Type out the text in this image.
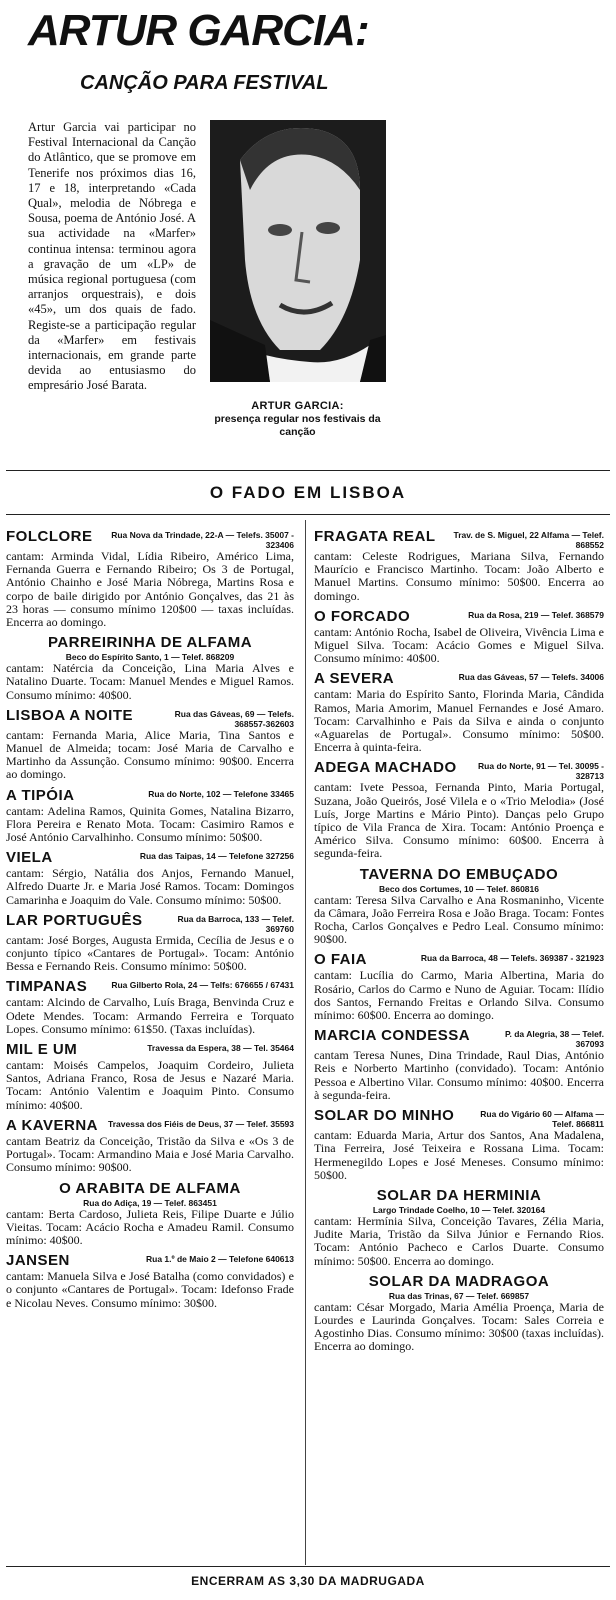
ARTUR GARCIA:
CANÇÃO PARA FESTIVAL
Artur Garcia vai participar no Festival Internacional da Canção do Atlântico, que se promove em Tenerife nos próximos dias 16, 17 e 18, interpretando «Cada Qual», melodia de Nóbrega e Sousa, poema de António José. A sua actividade na «Marfer» continua intensa: terminou agora a gravação de um «LP» de música regional portuguesa (com arranjos orquestrais), e dois «45», um dos quais de fado. Registe-se a participação regular da «Marfer» em festivais internacionais, em grande parte devida ao entusiasmo do empresário José Barata.
ARTUR GARCIA:
presença regular nos festivais da canção
O FADO EM LISBOA
FOLCLORE	Rua Nova da Trindade, 22-A — Telefs. 35007 - 323406
cantam: Arminda Vidal, Lídia Ribeiro, Américo Lima, Fernanda Guerra e Fernando Ribeiro; Os 3 de Portugal, António Chainho e José Maria Nóbrega, Martins Rosa e corpo de baile dirigido por António Gonçalves, das 21 às 23 horas — consumo mínimo 120$00 — taxas incluídas. Encerra ao domingo.
PARREIRINHA DE ALFAMA
Beco do Espírito Santo, 1 — Telef. 868209
cantam: Natércia da Conceição, Lina Maria Alves e Natalino Duarte. Tocam: Manuel Mendes e Miguel Ramos. Consumo mínimo: 40$00.
LISBOA A NOITE	Rua das Gáveas, 69 — Telefs. 368557-362603
cantam: Fernanda Maria, Alice Maria, Tina Santos e Manuel de Almeida; tocam: José Maria de Carvalho e Martinho da Assunção. Consumo mínimo: 90$00. Encerra ao domingo.
A TIPÓIA	Rua do Norte, 102 — Telefone 33465
cantam: Adelina Ramos, Quinita Gomes, Natalina Bizarro, Flora Pereira e Renato Mota. Tocam: Casimiro Ramos e José António Carvalhinho. Consumo mínimo: 50$00.
VIELA	Rua das Taipas, 14 — Telefone 327256
cantam: Sérgio, Natália dos Anjos, Fernando Manuel, Alfredo Duarte Jr. e Maria José Ramos. Tocam: Domingos Camarinha e Joaquim do Vale. Consumo mínimo: 50$00.
LAR PORTUGUÊS	Rua da Barroca, 133 — Telef. 369760
cantam: José Borges, Augusta Ermida, Cecília de Jesus e o conjunto típico «Cantares de Portugal». Tocam: António Bessa e Fernando Reis. Consumo mínimo: 50$00.
TIMPANAS	Rua Gilberto Rola, 24 — Telfs: 676655 / 67431
cantam: Alcindo de Carvalho, Luís Braga, Benvinda Cruz e Odete Mendes. Tocam: Armando Ferreira e Torquato Lopes. Consumo mínimo: 61$50. (Taxas incluídas).
MIL E UM	Travessa da Espera, 38 — Tel. 35464
cantam: Moisés Campelos, Joaquim Cordeiro, Julieta Santos, Adriana Franco, Rosa de Jesus e Nazaré Maria. Tocam: António Valentim e Joaquim Pinto. Consumo mínimo: 40$00.
A KAVERNA	Travessa dos Fiéis de Deus, 37 — Telef. 35593
cantam Beatriz da Conceição, Tristão da Silva e «Os 3 de Portugal». Tocam: Armandino Maia e José Maria Carvalho. Consumo mínimo: 90$00.
O ARABITA DE ALFAMA
Rua do Adiça, 19 — Telef. 863451
cantam: Berta Cardoso, Julieta Reis, Filipe Duarte e Júlio Vieitas. Tocam: Acácio Rocha e Amadeu Ramil. Consumo mínimo: 40$00.
JANSEN	Rua 1.º de Maio 2 — Telefone 640613
cantam: Manuela Silva e José Batalha (como convidados) e o conjunto «Cantares de Portugal». Tocam: Idefonso Frade e Nicolau Neves. Consumo mínimo: 30$00.
FRAGATA REAL	Trav. de S. Miguel, 22 Alfama — Telef. 868552
cantam: Celeste Rodrigues, Mariana Silva, Fernando Maurício e Francisco Martinho. Tocam: João Alberto e Manuel Martins. Consumo mínimo: 50$00. Encerra ao domingo.
O FORCADO	Rua da Rosa, 219 — Telef. 368579
cantam: António Rocha, Isabel de Oliveira, Vivência Lima e Miguel Silva. Tocam: Acácio Gomes e Miguel Silva. Consumo mínimo: 40$00.
A SEVERA	Rua das Gáveas, 57 — Telefs. 34006
cantam: Maria do Espírito Santo, Florinda Maria, Cândida Ramos, Maria Amorim, Manuel Fernandes e José Amaro. Tocam: Carvalhinho e Pais da Silva e ainda o conjunto «Aguarelas de Portugal». Consumo mínimo: 50$00. Encerra à quinta-feira.
ADEGA MACHADO	Rua do Norte, 91 — Tel. 30095 - 328713
cantam: Ivete Pessoa, Fernanda Pinto, Maria Portugal, Suzana, João Queirós, José Vilela e o «Trio Melodia» (José Luís, Jorge Martins e Mário Pinto). Danças pelo Grupo típico de Vila Franca de Xira. Tocam: António Proença e Américo Silva. Consumo mínimo: 60$00. Encerra à segunda-feira.
TAVERNA DO EMBUÇADO
Beco dos Cortumes, 10 — Telef. 860816
cantam: Teresa Silva Carvalho e Ana Rosmaninho, Vicente da Câmara, João Ferreira Rosa e João Braga. Tocam: Fontes Rocha, Carlos Gonçalves e Pedro Leal. Consumo mínimo: 90$00.
O FAIA	Rua da Barroca, 48 — Telefs. 369387 - 321923
cantam: Lucília do Carmo, Maria Albertina, Maria do Rosário, Carlos do Carmo e Nuno de Aguiar. Tocam: Ilídio dos Santos, Fernando Freitas e Orlando Silva. Consumo mínimo: 60$00. Encerra ao domingo.
MARCIA CONDESSA	P. da Alegria, 38 — Telef. 367093
cantam Teresa Nunes, Dina Trindade, Raul Dias, António Reis e Norberto Martinho (convidado). Tocam: António Pessoa e Albertino Vilar. Consumo mínimo: 40$00. Encerra à segunda-feira.
SOLAR DO MINHO	Rua do Vigário 60 — Alfama — Telef. 866811
cantam: Eduarda Maria, Artur dos Santos, Ana Madalena, Tina Ferreira, José Teixeira e Rossana Lima. Tocam: Hermenegildo Lopes e José Meneses. Consumo mínimo: 50$00.
SOLAR DA HERMINIA
Largo Trindade Coelho, 10 — Telef. 320164
cantam: Hermínia Silva, Conceição Tavares, Zélia Maria, Judite Maria, Tristão da Silva Júnior e Fernando Rios. Tocam: António Pacheco e Carlos Duarte. Consumo mínimo: 50$00. Encerra ao domingo.
SOLAR DA MADRAGOA
Rua das Trinas, 67 — Telef. 669857
cantam: César Morgado, Maria Amélia Proença, Maria de Lourdes e Laurinda Gonçalves. Tocam: Sales Correia e Agostinho Dias. Consumo mínimo: 30$00 (taxas incluídas). Encerra ao domingo.
ENCERRAM AS 3,30 DA MADRUGADA
